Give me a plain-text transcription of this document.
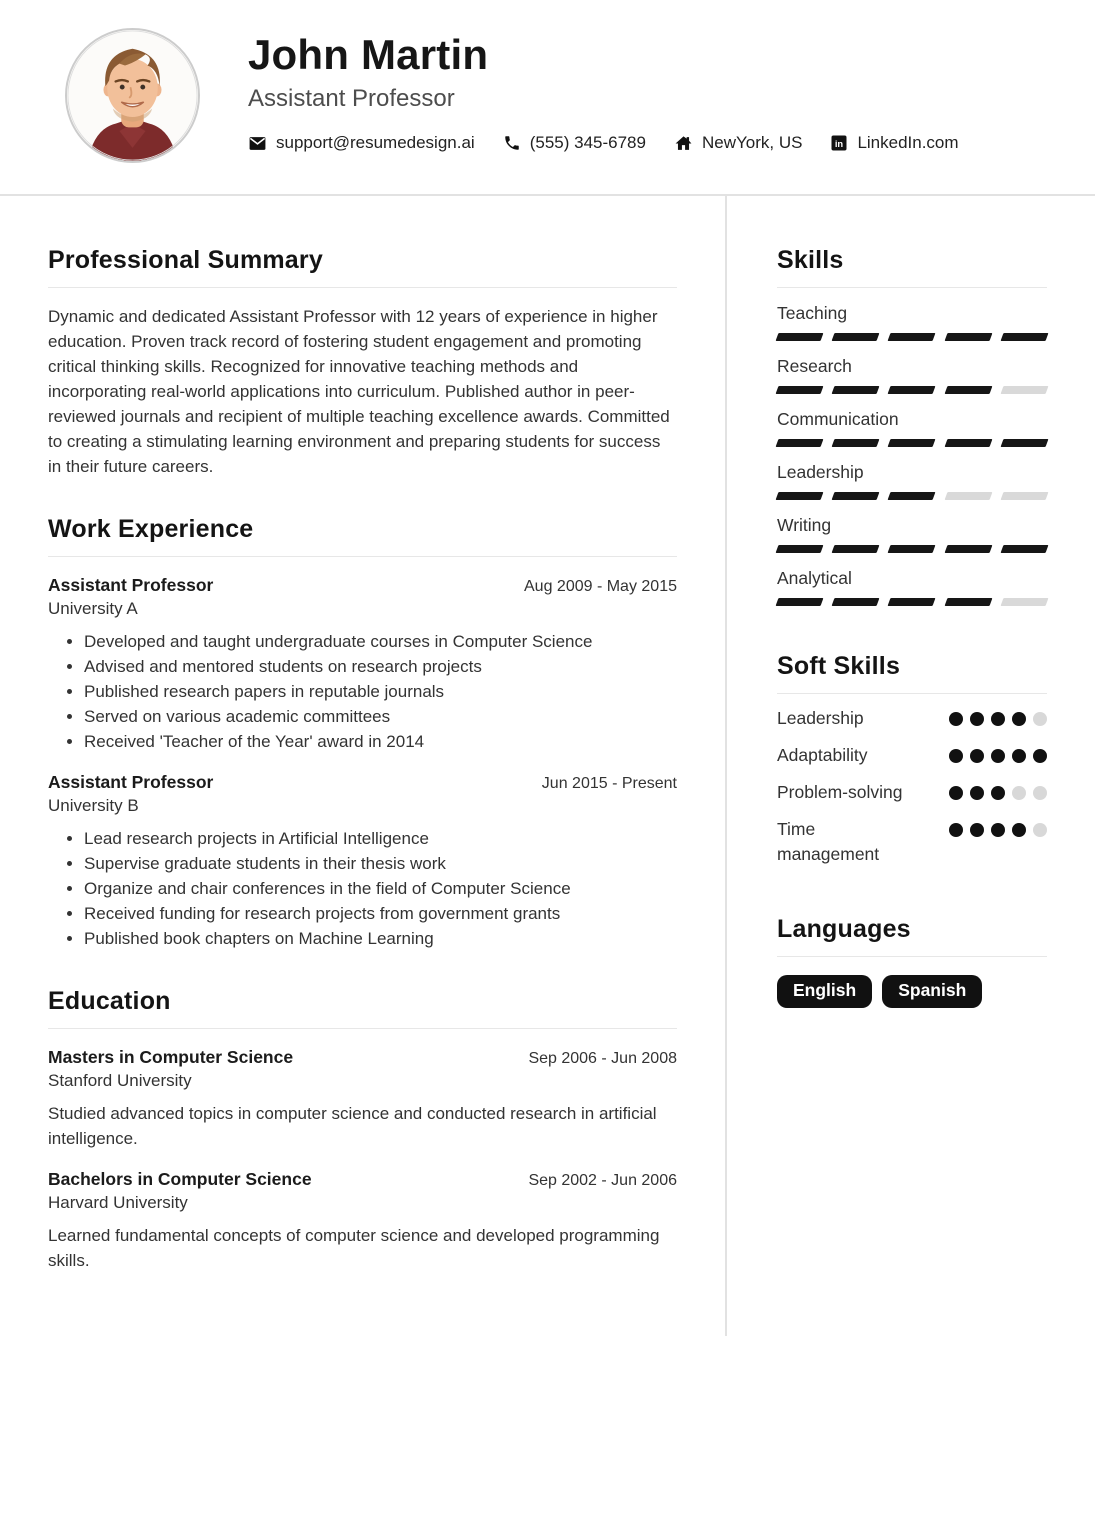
John Martin
Assistant Professor
support@resumedesign.ai	(555) 345-6789	NewYork, US	in LinkedIn.com
Professional Summary

Dynamic and dedicated Assistant Professor with 12 years of experience in higher education. Proven track record of fostering student engagement and promoting critical thinking skills. Recognized for innovative teaching methods and incorporating real-world applications into curriculum. Published author in peer-reviewed journals and recipient of multiple teaching excellence awards. Committed to creating a stimulating learning environment and preparing students for success in their future careers.

Work Experience
Assistant Professor	Aug 2009 - May 2015
University A
• Developed and taught undergraduate courses in Computer Science
• Advised and mentored students on research projects
• Published research papers in reputable journals
• Served on various academic committees
• Received 'Teacher of the Year' award in 2014
Assistant Professor	Jun 2015 - Present
University B
• Lead research projects in Artificial Intelligence
• Supervise graduate students in their thesis work
• Organize and chair conferences in the field of Computer Science
• Received funding for research projects from government grants
• Published book chapters on Machine Learning
Education
Masters in Computer Science	Sep 2006 - Jun 2008
Stanford University

Studied advanced topics in computer science and conducted research in artificial intelligence.

Bachelors in Computer Science	Sep 2002 - Jun 2006
Harvard University

Learned fundamental concepts of computer science and developed programming skills.

Skills
Teaching
Research
Communication
Leadership
Writing
Analytical
Soft Skills
Leadership
Adaptability
Problem-solving
Time management
Languages
English	Spanish
